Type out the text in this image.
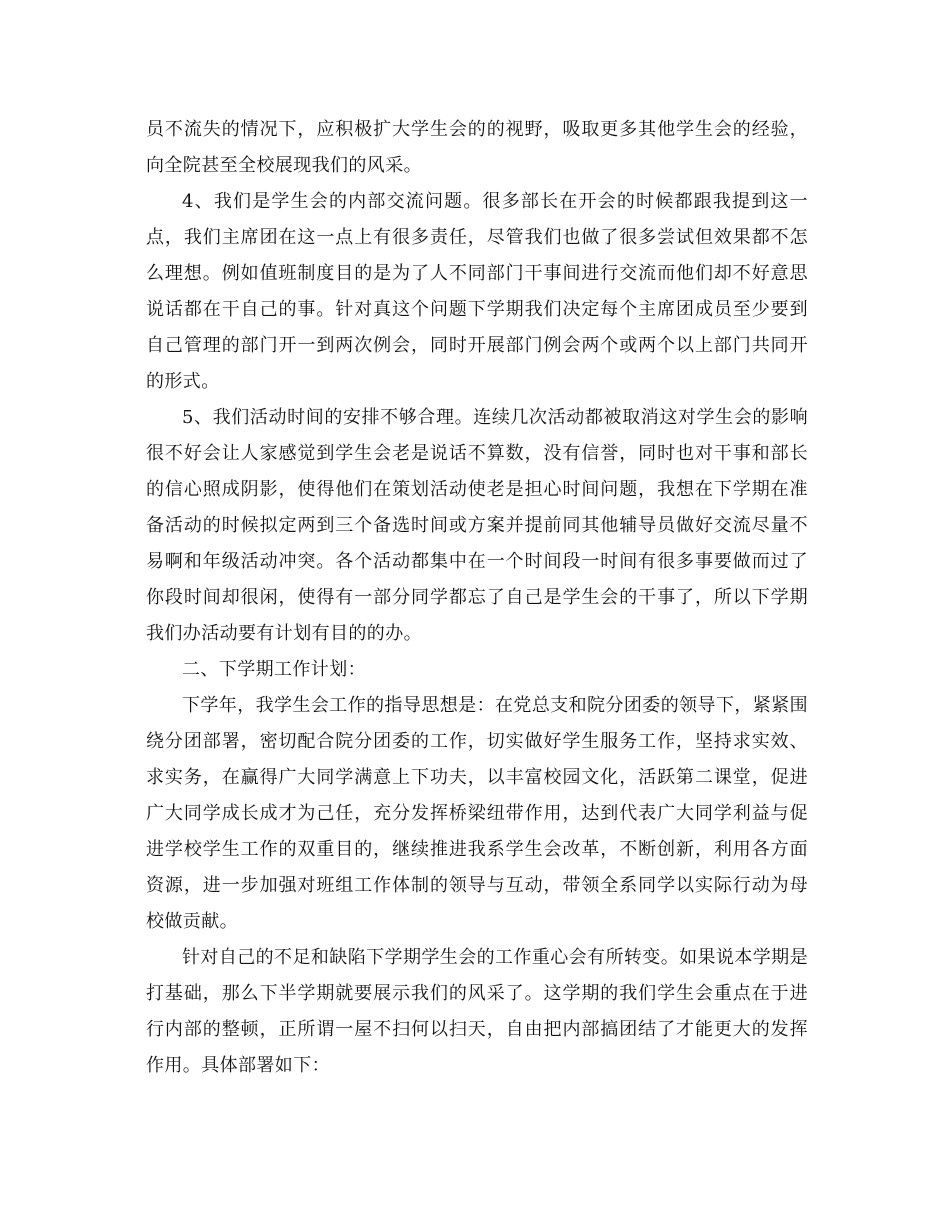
员不流失的情况下，应积极扩大学生会的的视野，吸取更多其他学生会的经验，向全院甚至全校展现我们的风采。

4、我们是学生会的内部交流问题。很多部长在开会的时候都跟我提到这一点，我们主席团在这一点上有很多责任，尽管我们也做了很多尝试但效果都不怎么理想。例如值班制度目的是为了人不同部门干事间进行交流而他们却不好意思说话都在干自己的事。针对真这个问题下学期我们决定每个主席团成员至少要到自己管理的部门开一到两次例会，同时开展部门例会两个或两个以上部门共同开的形式。

5、我们活动时间的安排不够合理。连续几次活动都被取消这对学生会的影响很不好会让人家感觉到学生会老是说话不算数，没有信誉，同时也对干事和部长的信心照成阴影，使得他们在策划活动使老是担心时间问题，我想在下学期在准备活动的时候拟定两到三个备选时间或方案并提前同其他辅导员做好交流尽量不易啊和年级活动冲突。各个活动都集中在一个时间段一时间有很多事要做而过了你段时间却很闲，使得有一部分同学都忘了自己是学生会的干事了，所以下学期我们办活动要有计划有目的的办。

二、下学期工作计划：

下学年，我学生会工作的指导思想是：在党总支和院分团委的领导下，紧紧围绕分团部署，密切配合院分团委的工作，切实做好学生服务工作，坚持求实效、求实务，在赢得广大同学满意上下功夫，以丰富校园文化，活跃第二课堂，促进广大同学成长成才为己任，充分发挥桥梁纽带作用，达到代表广大同学利益与促进学校学生工作的双重目的，继续推进我系学生会改革，不断创新，利用各方面资源，进一步加强对班组工作体制的领导与互动，带领全系同学以实际行动为母校做贡献。

针对自己的不足和缺陷下学期学生会的工作重心会有所转变。如果说本学期是打基础，那么下半学期就要展示我们的风采了。这学期的我们学生会重点在于进行内部的整顿，正所谓一屋不扫何以扫天，自由把内部搞团结了才能更大的发挥作用。具体部署如下：
